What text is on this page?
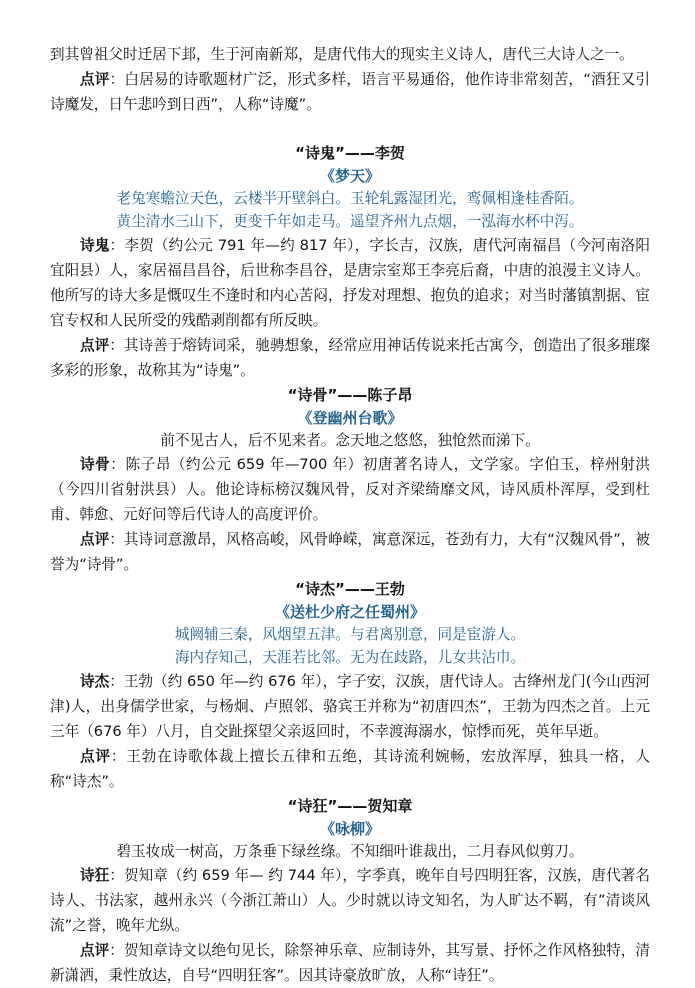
到其曾祖父时迁居下邽，生于河南新郑，是唐代伟大的现实主义诗人，唐代三大诗人之一。

点评：白居易的诗歌题材广泛，形式多样，语言平易通俗，他作诗非常刻苦，“酒狂又引诗魔发，日午悲吟到日西”，人称“诗魔”。

“诗鬼”——李贺
《梦天》
老兔寒蟾泣天色，云楼半开壁斜白。玉轮轧露湿团光，鸾佩相逢桂香陌。
黄尘清水三山下，更变千年如走马。遥望齐州九点烟，一泓海水杯中泻。

诗鬼：李贺（约公元 791 年—约 817 年），字长吉，汉族，唐代河南福昌（今河南洛阳宜阳县）人，家居福昌昌谷，后世称李昌谷，是唐宗室郑王李亮后裔，中唐的浪漫主义诗人。他所写的诗大多是慨叹生不逢时和内心苦闷，抒发对理想、抱负的追求；对当时藩镇割据、宦官专权和人民所受的残酷剥削都有所反映。

点评：其诗善于熔铸词采，驰骋想象，经常应用神话传说来托古寓今，创造出了很多璀璨多彩的形象，故称其为“诗鬼”。

“诗骨”——陈子昂
《登幽州台歌》
前不见古人，后不见来者。念天地之悠悠，独怆然而涕下。

诗骨：陈子昂（约公元 659 年—700 年）初唐著名诗人，文学家。字伯玉，梓州射洪（今四川省射洪县）人。他论诗标榜汉魏风骨，反对齐梁绮靡文风，诗风质朴浑厚，受到杜甫、韩愈、元好问等后代诗人的高度评价。

点评：其诗词意激昂，风格高峻，风骨峥嵘，寓意深远，苍劲有力，大有“汉魏风骨”，被誉为“诗骨”。

“诗杰”——王勃
《送杜少府之任蜀州》
城阙辅三秦，风烟望五津。与君离别意，同是宦游人。
海内存知己，天涯若比邻。无为在歧路，儿女共沾巾。

诗杰：王勃（约 650 年—约 676 年），字子安，汉族，唐代诗人。古绛州龙门(今山西河津)人，出身儒学世家，与杨炯、卢照邻、骆宾王并称为“初唐四杰”，王勃为四杰之首。上元三年（676 年）八月，自交趾探望父亲返回时，不幸渡海溺水，惊悸而死，英年早逝。

点评：王勃在诗歌体裁上擅长五律和五绝，其诗流利婉畅，宏放浑厚，独具一格，人称“诗杰”。

“诗狂”——贺知章
《咏柳》
碧玉妆成一树高，万条垂下绿丝绦。不知细叶谁裁出，二月春风似剪刀。

诗狂：贺知章（约 659 年— 约 744 年），字季真，晚年自号四明狂客，汉族，唐代著名诗人、书法家，越州永兴（今浙江萧山）人。少时就以诗文知名，为人旷达不羁，有”清谈风流”之誉，晚年尤纵。

点评：贺知章诗文以绝句见长，除祭神乐章、应制诗外，其写景、抒怀之作风格独特，清新潇洒，秉性放达，自号“四明狂客”。因其诗豪放旷放，人称“诗狂”。
